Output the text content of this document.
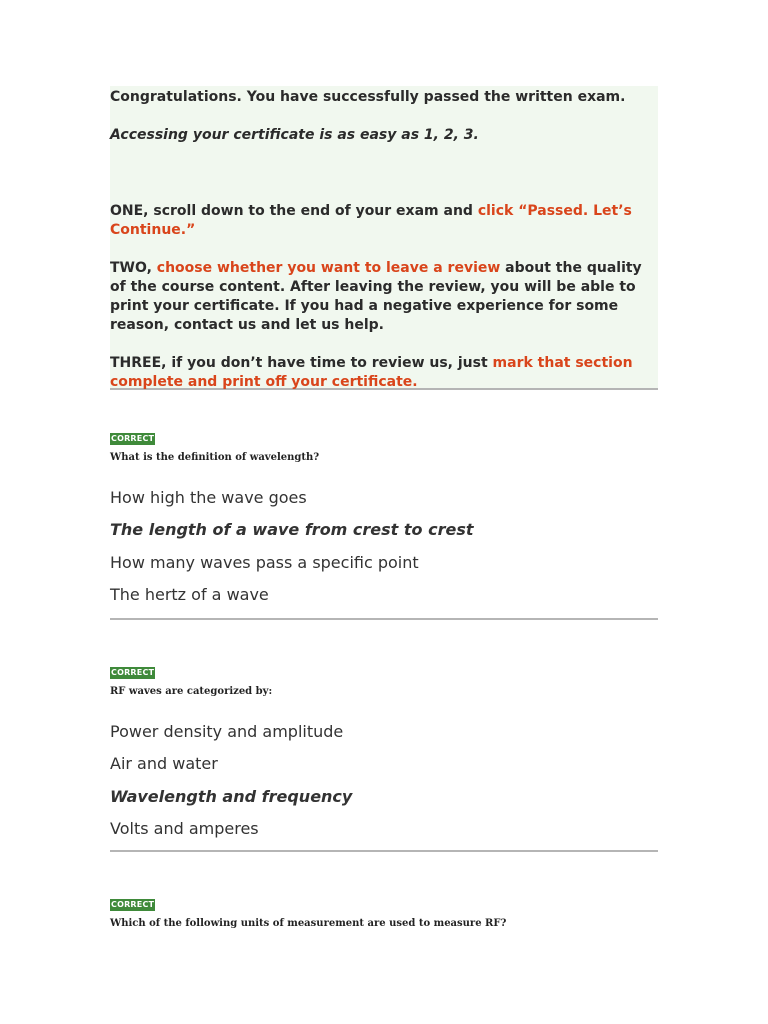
Congratulations. You have successfully passed the written exam.

Accessing your certificate is as easy as 1, 2, 3.

ONE, scroll down to the end of your exam and click “Passed. Let’s Continue.”

TWO, choose whether you want to leave a review about the quality of the course content. After leaving the review, you will be able to print your certificate. If you had a negative experience for some reason, contact us and let us help.

THREE, if you don’t have time to review us, just mark that section complete and print off your certificate.

CORRECT
What is the definition of wavelength?
How high the wave goes
The length of a wave from crest to crest
How many waves pass a specific point
The hertz of a wave
CORRECT
RF waves are categorized by:
Power density and amplitude
Air and water
Wavelength and frequency
Volts and amperes
CORRECT
Which of the following units of measurement are used to measure RF?
